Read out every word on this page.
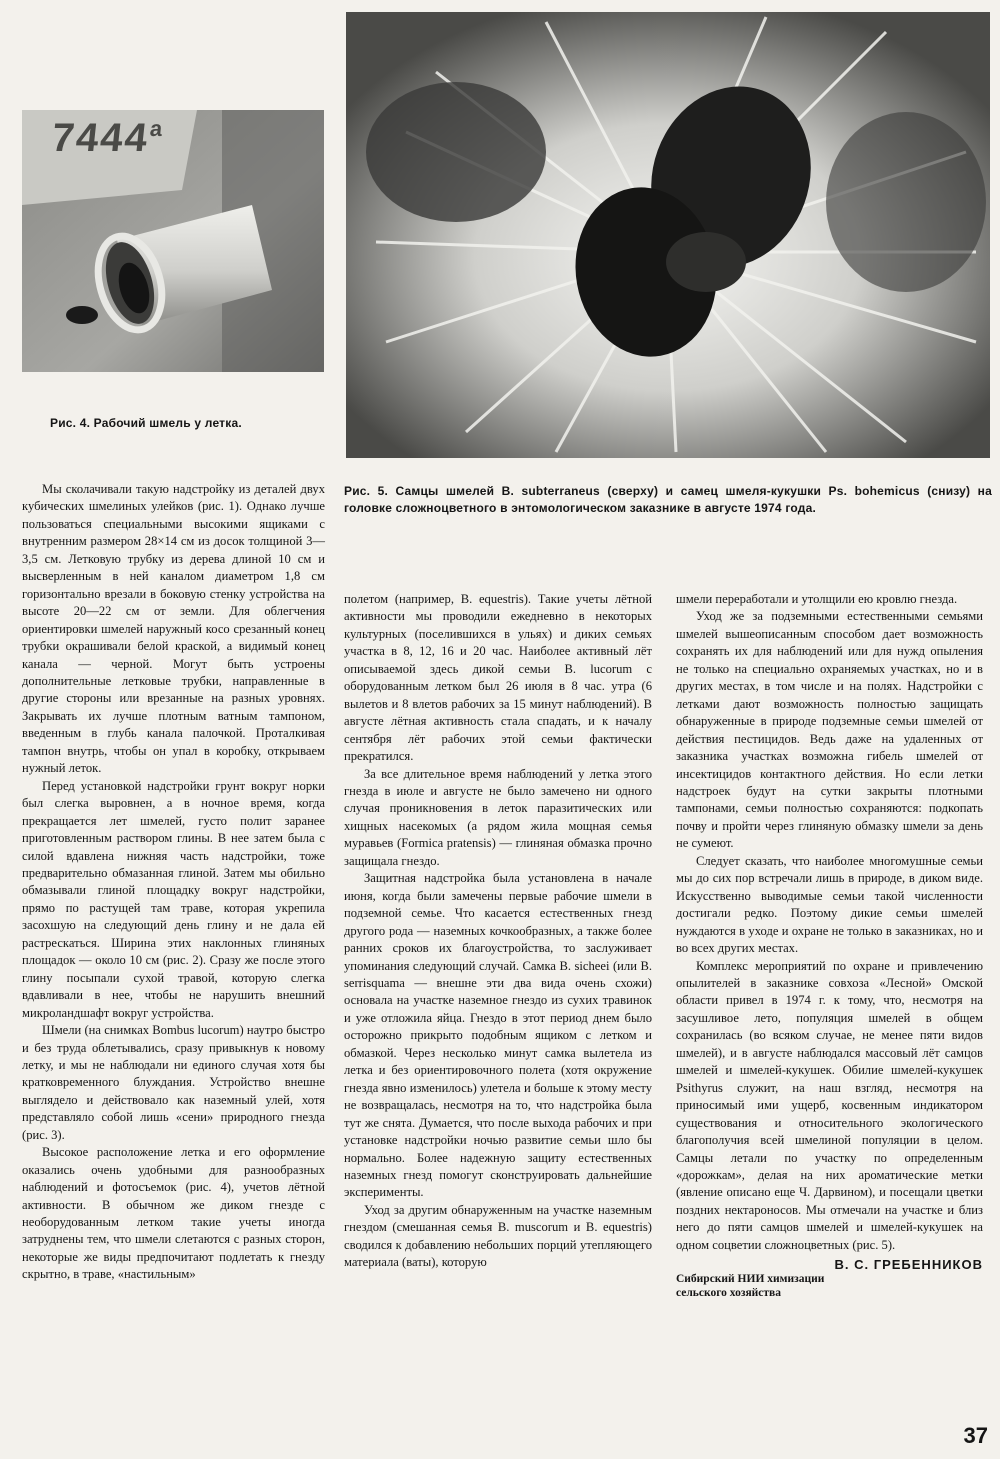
$7444^а$
Рис. 4. Рабочий шмель у летка.
Рис. 5. Самцы шмелей B. subterraneus (сверху) и самец шмеля-кукушки Ps. bohemicus (снизу) на головке сложноцветного в энтомологическом заказнике в августе 1974 года.

Мы сколачивали такую надстройку из деталей двух кубических шмелиных улейков (рис. 1). Однако лучше пользоваться специальными высокими ящиками с внутренним размером 28×14 см из досок толщиной 3—3,5 см. Летковую трубку из дерева длиной 10 см и высверленным в ней каналом диаметром 1,8 см горизонтально врезали в боковую стенку устройства на высоте 20—22 см от земли. Для облегчения ориентировки шмелей наружный косо срезанный конец трубки окрашивали белой краской, а видимый конец канала — черной. Могут быть устроены дополнительные летковые трубки, направленные в другие стороны или врезанные на разных уровнях. Закрывать их лучше плотным ватным тампоном, введенным в глубь канала палочкой. Проталкивая тампон внутрь, чтобы он упал в коробку, открываем нужный леток.

Перед установкой надстройки грунт вокруг норки был слегка выровнен, а в ночное время, когда прекращается лет шмелей, густо полит заранее приготовленным раствором глины. В нее затем была с силой вдавлена нижняя часть надстройки, тоже предварительно обмазанная глиной. Затем мы обильно обмазывали глиной площадку вокруг надстройки, прямо по растущей там траве, которая укрепила засохшую на следующий день глину и не дала ей растрескаться. Ширина этих наклонных глиняных площадок — около 10 см (рис. 2). Сразу же после этого глину посыпали сухой травой, которую слегка вдавливали в нее, чтобы не нарушить внешний микроландшафт вокруг устройства.

Шмели (на снимках Bombus lucorum) наутро быстро и без труда облетывались, сразу привыкнув к новому летку, и мы не наблюдали ни единого случая хотя бы кратковременного блуждания. Устройство внешне выглядело и действовало как наземный улей, хотя представляло собой лишь «сени» природного гнезда (рис. 3).

Высокое расположение летка и его оформление оказались очень удобными для разнообразных наблюдений и фотосъемок (рис. 4), учетов лётной активности. В обычном же диком гнезде с необорудованным летком такие учеты иногда затруднены тем, что шмели слетаются с разных сторон, некоторые же виды предпочитают подлетать к гнезду скрытно, в траве, «настильным»

полетом (например, B. equestris). Такие учеты лётной активности мы проводили ежедневно в некоторых культурных (поселившихся в ульях) и диких семьях участка в 8, 12, 16 и 20 час. Наиболее активный лёт описываемой здесь дикой семьи B. lucorum с оборудованным летком был 26 июля в 8 час. утра (6 вылетов и 8 влетов рабочих за 15 минут наблюдений). В августе лётная активность стала спадать, и к началу сентября лёт рабочих этой семьи фактически прекратился.

За все длительное время наблюдений у летка этого гнезда в июле и августе не было замечено ни одного случая проникновения в леток паразитических или хищных насекомых (а рядом жила мощная семья муравьев (Formica pratensis) — глиняная обмазка прочно защищала гнездо.

Защитная надстройка была установлена в начале июня, когда были замечены первые рабочие шмели в подземной семье. Что касается естественных гнезд другого рода — наземных кочкообразных, а также более ранних сроков их благоустройства, то заслуживает упоминания следующий случай. Самка B. sicheei (или B. serrisquama — внешне эти два вида очень схожи) основала на участке наземное гнездо из сухих травинок и уже отложила яйца. Гнездо в этот период днем было осторожно прикрыто подобным ящиком с летком и обмазкой. Через несколько минут самка вылетела из летка и без ориентировочного полета (хотя окружение гнезда явно изменилось) улетела и больше к этому месту не возвращалась, несмотря на то, что надстройка была тут же снята. Думается, что после выхода рабочих и при установке надстройки ночью развитие семьи шло бы нормально. Более надежную защиту естественных наземных гнезд помогут сконструировать дальнейшие эксперименты.

Уход за другим обнаруженным на участке наземным гнездом (смешанная семья B. muscorum и B. equestris) сводился к добавлению небольших порций утепляющего материала (ваты), которую

шмели переработали и утолщили ею кровлю гнезда.

Уход же за подземными естественными семьями шмелей вышеописанным способом дает возможность сохранять их для наблюдений или для нужд опыления не только на специально охраняемых участках, но и в других местах, в том числе и на полях. Надстройки с летками дают возможность полностью защищать обнаруженные в природе подземные семьи шмелей от действия пестицидов. Ведь даже на удаленных от заказника участках возможна гибель шмелей от инсектицидов контактного действия. Но если летки надстроек будут на сутки закрыты плотными тампонами, семьи полностью сохраняются: подкопать почву и пройти через глиняную обмазку шмели за день не сумеют.

Следует сказать, что наиболее многомушные семьи мы до сих пор встречали лишь в природе, в диком виде. Искусственно выводимые семьи такой численности достигали редко. Поэтому дикие семьи шмелей нуждаются в уходе и охране не только в заказниках, но и во всех других местах.

Комплекс мероприятий по охране и привлечению опылителей в заказнике совхоза «Лесной» Омской области привел в 1974 г. к тому, что, несмотря на засушливое лето, популяция шмелей в общем сохранилась (во всяком случае, не менее пяти видов шмелей), и в августе наблюдался массовый лёт самцов шмелей и шмелей-кукушек. Обилие шмелей-кукушек Psithyrus служит, на наш взгляд, несмотря на приносимый ими ущерб, косвенным индикатором существования и относительного экологического благополучия всей шмелиной популяции в целом. Самцы летали по участку по определенным «дорожкам», делая на них ароматические метки (явление описано еще Ч. Дарвином), и посещали цветки поздних нектароносов. Мы отмечали на участке и близ него до пяти самцов шмелей и шмелей-кукушек на одном соцветии сложноцветных (рис. 5).

В. С. ГРЕБЕННИКОВ
Сибирский НИИ химизации
сельского хозяйства
37
